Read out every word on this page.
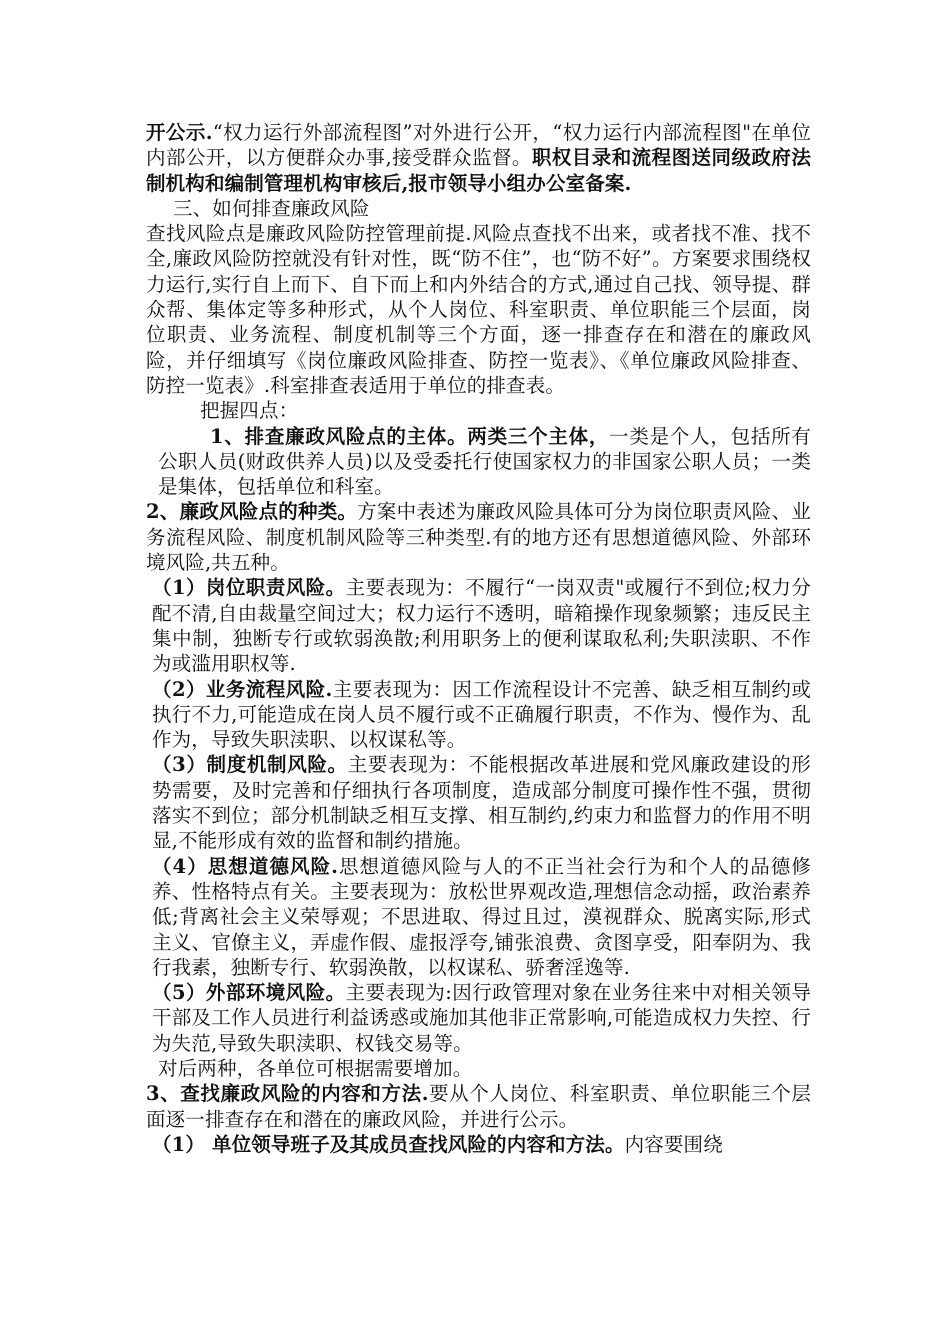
开公示.“权力运行外部流程图”对外进行公开，“权力运行内部流程图"在单位内部公开，以方便群众办事,接受群众监督。职权目录和流程图送同级政府法制机构和编制管理机构审核后,报市领导小组办公室备案.

三、如何排查廉政风险

查找风险点是廉政风险防控管理前提.风险点查找不出来，或者找不准、找不全,廉政风险防控就没有针对性，既“防不住”，也“防不好”。方案要求围绕权力运行,实行自上而下、自下而上和内外结合的方式,通过自己找、领导提、群众帮、集体定等多种形式，从个人岗位、科室职责、单位职能三个层面，岗位职责、业务流程、制度机制等三个方面，逐一排查存在和潜在的廉政风险，并仔细填写《岗位廉政风险排查、防控一览表》、《单位廉政风险排查、防控一览表》.科室排查表适用于单位的排查表。

把握四点：

1、排查廉政风险点的主体。两类三个主体，一类是个人，包括所有公职人员(财政供养人员)以及受委托行使国家权力的非国家公职人员；一类是集体，包括单位和科室。

2、廉政风险点的种类。方案中表述为廉政风险具体可分为岗位职责风险、业务流程风险、制度机制风险等三种类型.有的地方还有思想道德风险、外部环境风险,共五种。

（1）岗位职责风险。主要表现为：不履行“一岗双责"或履行不到位;权力分配不清,自由裁量空间过大；权力运行不透明，暗箱操作现象频繁；违反民主集中制，独断专行或软弱涣散;利用职务上的便利谋取私利;失职渎职、不作为或滥用职权等.

（2）业务流程风险.主要表现为：因工作流程设计不完善、缺乏相互制约或执行不力,可能造成在岗人员不履行或不正确履行职责，不作为、慢作为、乱作为，导致失职渎职、以权谋私等。

（3）制度机制风险。主要表现为：不能根据改革进展和党风廉政建设的形势需要，及时完善和仔细执行各项制度，造成部分制度可操作性不强，贯彻落实不到位；部分机制缺乏相互支撑、相互制约,约束力和监督力的作用不明显,不能形成有效的监督和制约措施。

（4）思想道德风险.思想道德风险与人的不正当社会行为和个人的品德修养、性格特点有关。主要表现为：放松世界观改造,理想信念动摇，政治素养低;背离社会主义荣辱观；不思进取、得过且过，漠视群众、脱离实际,形式主义、官僚主义，弄虚作假、虚报浮夸,铺张浪费、贪图享受，阳奉阴为、我行我素，独断专行、软弱涣散，以权谋私、骄奢淫逸等.

（5）外部环境风险。主要表现为:因行政管理对象在业务往来中对相关领导干部及工作人员进行利益诱惑或施加其他非正常影响,可能造成权力失控、行为失范,导致失职渎职、权钱交易等。

对后两种，各单位可根据需要增加。

3、查找廉政风险的内容和方法.要从个人岗位、科室职责、单位职能三个层面逐一排查存在和潜在的廉政风险，并进行公示。

（1） 单位领导班子及其成员查找风险的内容和方法。内容要围绕
